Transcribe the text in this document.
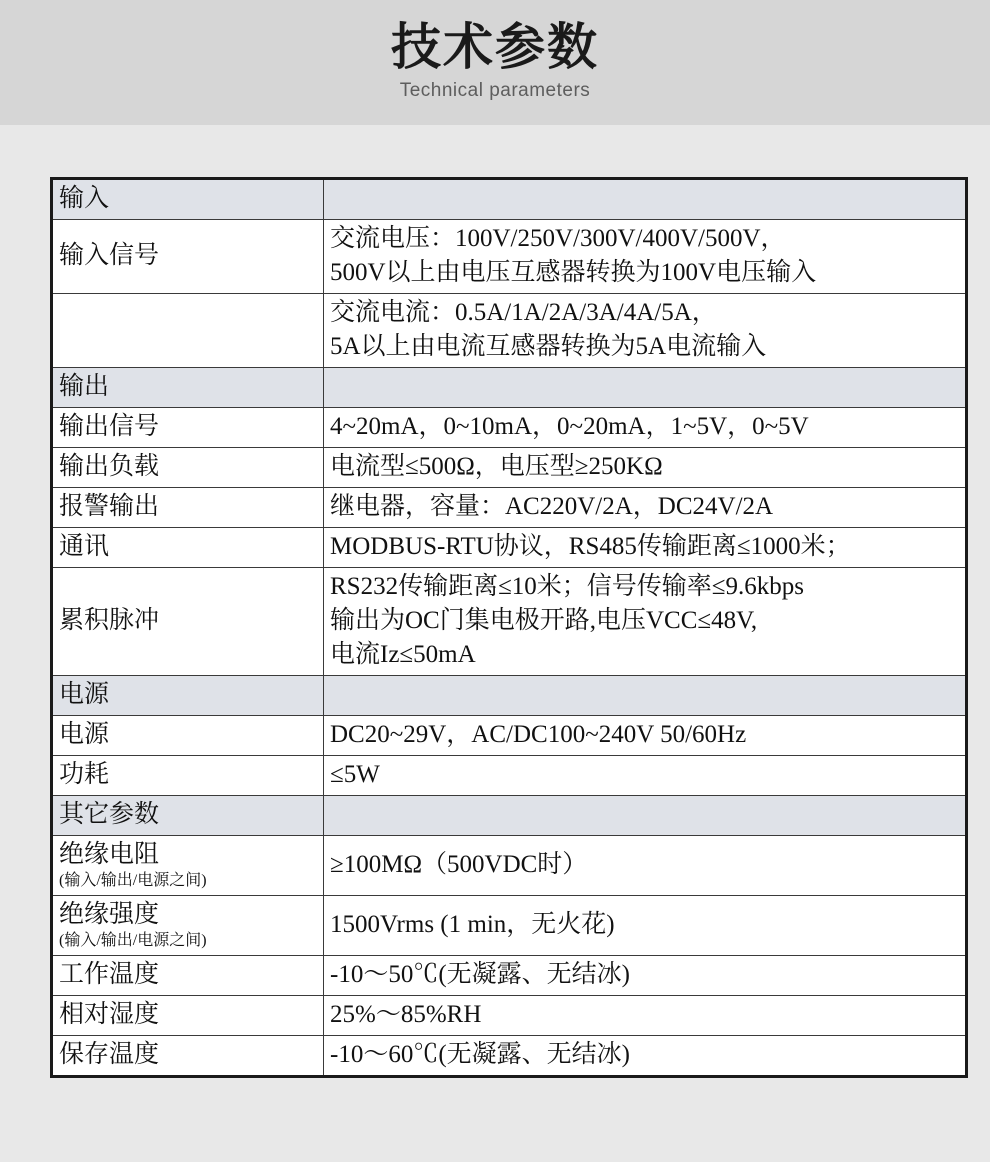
技术参数
Technical parameters
输入	
输入信号	交流电压：100V/250V/300V/400V/500V，
500V以上由电压互感器转换为100V电压输入

	交流电流：0.5A/1A/2A/3A/4A/5A，
5A以上由电流互感器转换为5A电流输入

输出	
输出信号	4~20mA，0~10mA，0~20mA，1~5V，0~5V

输出负载	电流型≤500Ω，电压型≥250KΩ

报警输出	继电器，容量：AC220V/2A，DC24V/2A

通讯	MODBUS-RTU协议，RS485传输距离≤1000米；

累积脉冲	RS232传输距离≤10米；信号传输率≤9.6kbps
输出为OC门集电极开路,电压VCC≤48V,
电流Iz≤50mA

电源	
电源	DC20~29V，AC/DC100~240V 50/60Hz

功耗	≤5W

其它参数	
绝缘电阻
(输入/输出/电源之间)	≥100MΩ（500VDC时）

绝缘强度
(输入/输出/电源之间)	1500Vrms (1 min，无火花)

工作温度	-10～50℃(无凝露、无结冰)

相对湿度	25%～85%RH

保存温度	-10～60℃(无凝露、无结冰)
